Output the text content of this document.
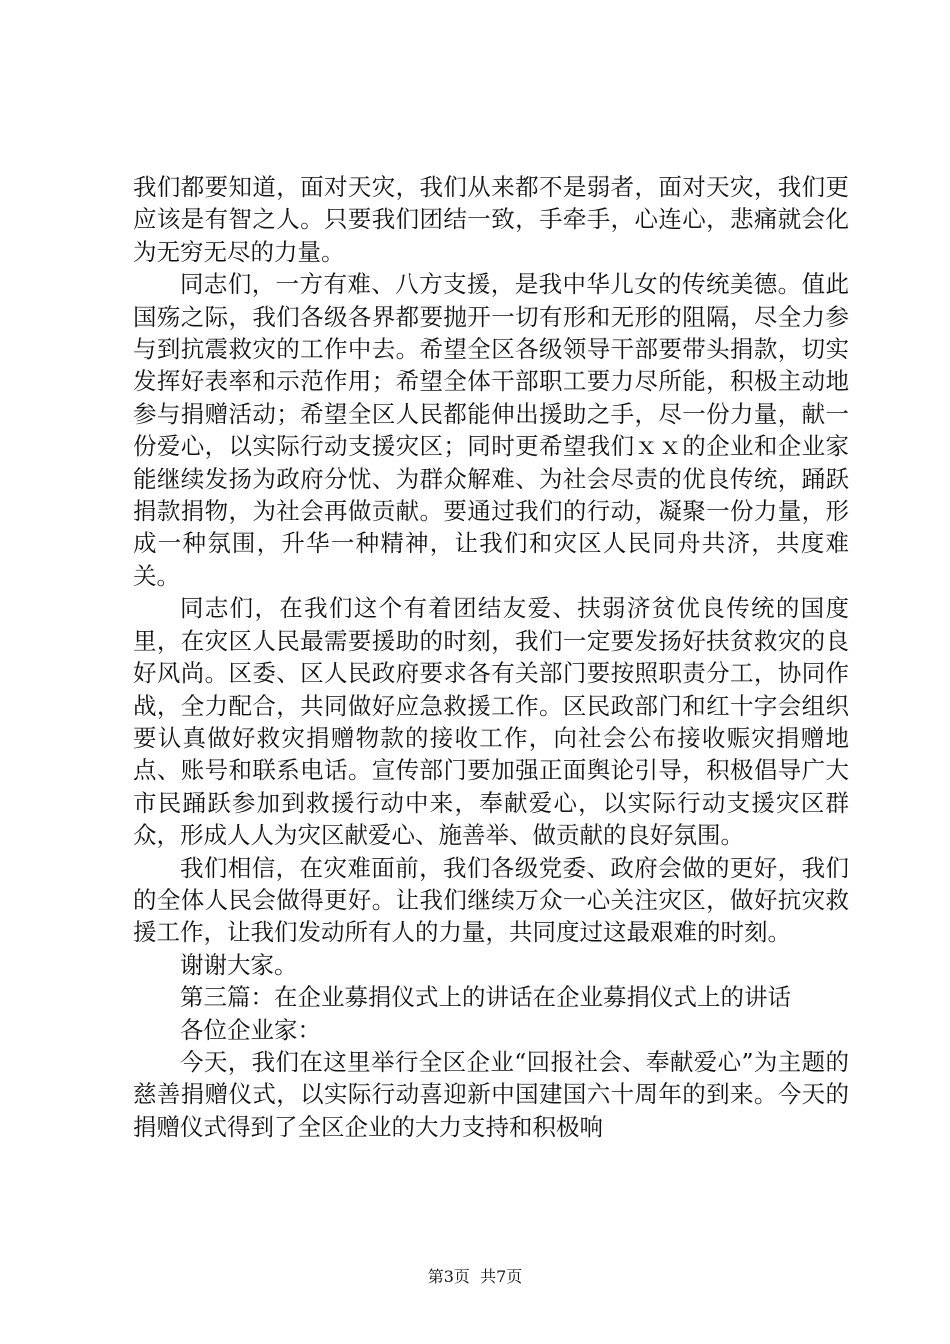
我们都要知道，面对天灾，我们从来都不是弱者，面对天灾，我们更应该是有智之人。只要我们团结一致，手牵手，心连心，悲痛就会化为无穷无尽的力量。

同志们，一方有难、八方支援，是我中华儿女的传统美德。值此国殇之际，我们各级各界都要抛开一切有形和无形的阻隔，尽全力参与到抗震救灾的工作中去。希望全区各级领导干部要带头捐款，切实发挥好表率和示范作用；希望全体干部职工要力尽所能，积极主动地参与捐赠活动；希望全区人民都能伸出援助之手，尽一份力量，献一份爱心，以实际行动支援灾区；同时更希望我们ｘｘ的企业和企业家能继续发扬为政府分忧、为群众解难、为社会尽责的优良传统，踊跃捐款捐物，为社会再做贡献。要通过我们的行动，凝聚一份力量，形成一种氛围，升华一种精神，让我们和灾区人民同舟共济，共度难关。

同志们，在我们这个有着团结友爱、扶弱济贫优良传统的国度里，在灾区人民最需要援助的时刻，我们一定要发扬好扶贫救灾的良好风尚。区委、区人民政府要求各有关部门要按照职责分工，协同作战，全力配合，共同做好应急救援工作。区民政部门和红十字会组织要认真做好救灾捐赠物款的接收工作，向社会公布接收赈灾捐赠地点、账号和联系电话。宣传部门要加强正面舆论引导，积极倡导广大市民踊跃参加到救援行动中来，奉献爱心，以实际行动支援灾区群众，形成人人为灾区献爱心、施善举、做贡献的良好氛围。

我们相信，在灾难面前，我们各级党委、政府会做的更好，我们的全体人民会做得更好。让我们继续万众一心关注灾区，做好抗灾救援工作，让我们发动所有人的力量，共同度过这最艰难的时刻。

谢谢大家。

第三篇：在企业募捐仪式上的讲话在企业募捐仪式上的讲话

各位企业家：

今天，我们在这里举行全区企业“回报社会、奉献爱心”为主题的慈善捐赠仪式，以实际行动喜迎新中国建国六十周年的到来。今天的捐赠仪式得到了全区企业的大力支持和积极响

第3页  共7页
